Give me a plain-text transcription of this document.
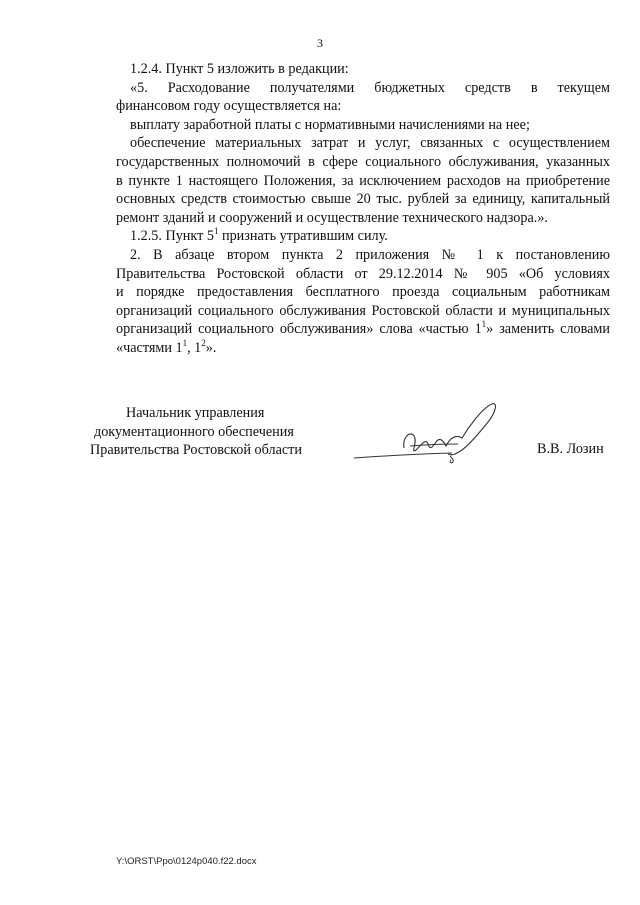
3

1.2.4. Пункт 5 изложить в редакции:

«5. Расходование получателями бюджетных средств в текущем

финансовом году осуществляется на:

выплату заработной платы с нормативными начислениями на нее;

обеспечение материальных затрат и услуг, связанных с осуществлением

государственных полномочий в сфере социального обслуживания, указанных

в пункте 1 настоящего Положения, за исключением расходов на приобретение

основных средств стоимостью свыше 20 тыс. рублей за единицу, капитальный

ремонт зданий и сооружений и осуществление технического надзора.».

1.2.5. Пункт $5^1$ признать утратившим силу.

2. В абзаце втором пункта 2 приложения № 1 к постановлению

Правительства Ростовской области от 29.12.2014 № 905 «Об условиях

и порядке предоставления бесплатного проезда социальным работникам

организаций социального обслуживания Ростовской области и муниципальных

организаций социального обслуживания» слова «частью $1^1$» заменить словами

«частями $1^1$, $1^2$».

Начальник управления
документационного обеспечения
Правительства Ростовской области	В.В. Лозин
Y:\ORST\Ppo\0124p040.f22.docx
